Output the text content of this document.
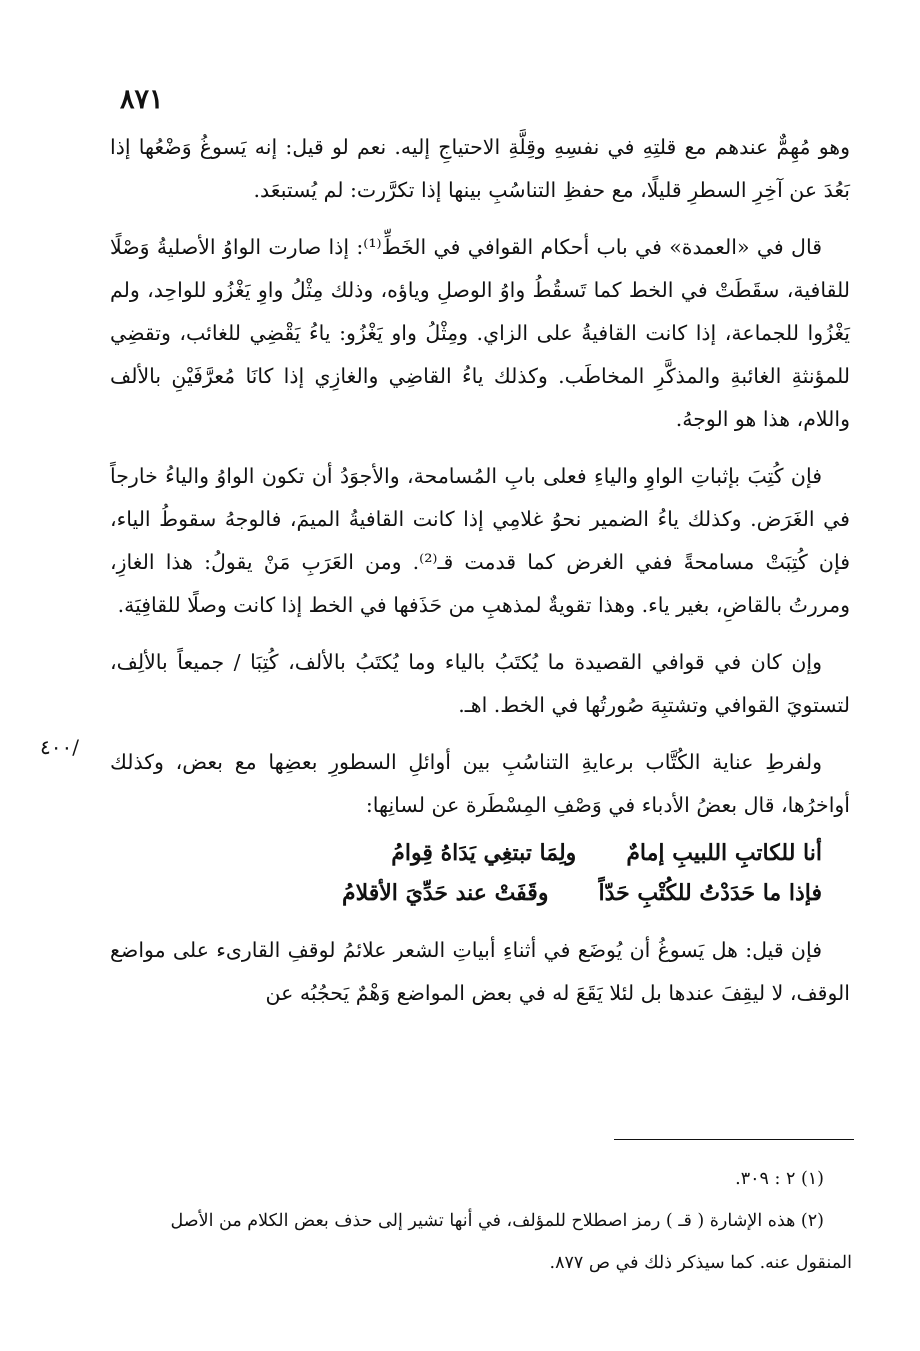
٨٧١
/٤٠٠

وهو مُهِمٌّ عندهم مع قلتِهِ في نفسِهِ وقِلَّةِ الاحتياجِ إليه. نعم لو قيل: إنه يَسوغُ وَضْعُها إذا بَعُدَ عن آخِرِ السطرِ قليلًا، مع حفظِ التناسُبِ بينها إذا تكرَّرت: لم يُستبعَد.

قال في «العمدة» في باب أحكام القوافي في الخَطِّ⁽¹⁾: إذا صارت الواوُ الأصليةُ وَصْلًا للقافية، سقَطَتْ في الخط كما تَسقُطُ واوُ الوصلِ وياؤه، وذلك مِثْلُ واوِ يَغْزُو للواحِد، ولم يَغْزُوا للجماعة، إذا كانت القافيةُ على الزاي. ومِثْلُ واو يَغْزُو: ياءُ يَقْضِي للغائب، وتقضِي للمؤنثةِ الغائبةِ والمذكَّرِ المخاطَب. وكذلك ياءُ القاضِي والغازِي إذا كانَا مُعرَّفَيْنِ بالألف واللام، هذا هو الوجهُ.

فإن كُتِبَ بإثباتِ الواوِ والياءِ فعلى بابِ المُسامحة، والأجوَدُ أن تكون الواوُ والياءُ خارجاً في الغَرَض. وكذلك ياءُ الضمير نحوُ غلامِي إذا كانت القافيةُ الميمَ، فالوجهُ سقوطُ الياء، فإن كُتِبَتْ مسامحةً ففي الغرض كما قدمت قـ⁽²⁾. ومن العَرَبِ مَنْ يقولُ: هذا الغازِ، ومررتُ بالقاضِ، بغير ياء. وهذا تقويةٌ لمذهبِ من حَذَفها في الخط إذا كانت وصلًا للقافِيَة.

وإن كان في قوافي القصيدة ما يُكتَبُ بالياء وما يُكتَبُ بالألف، كُتِبَا / جميعاً بالألِف، لتستويَ القوافي وتشتبِهَ صُورتُها في الخط. اهـ.

ولفرطِ عناية الكُتَّاب برعايةِ التناسُبِ بين أوائلِ السطورِ بعضِها مع بعض، وكذلك أواخرُها، قال بعضُ الأدباء في وَصْفِ المِسْطَرة عن لسانِها:

أنا للكاتبِ اللبيبِ إمامٌ
ولِمَا تبتغِي يَدَاهُ قِوامُ
فإذا ما حَدَدْتُ للكُتْبِ حَدّاً
وقَفَتْ عند حَدِّيَ الأقلامُ

فإن قيل: هل يَسوغُ أن يُوضَع في أثناءِ أبياتِ الشعر علائمُ لوقفِ القارىء على مواضع الوقف، لا ليقِفَ عندها بل لئلا يَقَعَ له في بعض المواضع وَهْمٌ يَحجُبُه عن

(١) ٢ : ٣٠٩.

(٢) هذه الإشارة ( قـ ) رمز اصطلاح للمؤلف، في أنها تشير إلى حذف بعض الكلام من الأصل المنقول عنه. كما سيذكر ذلك في ص ٨٧٧.
